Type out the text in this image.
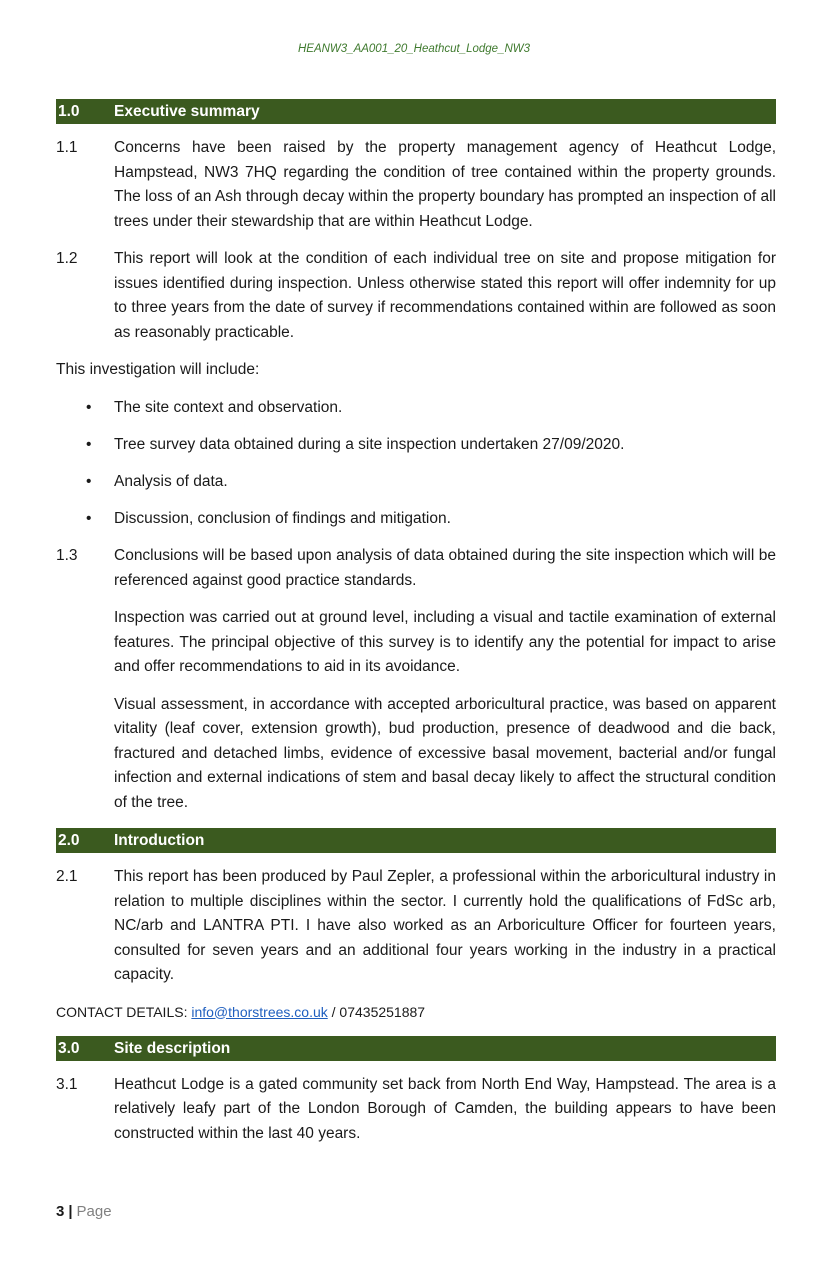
HEANW3_AA001_20_Heathcut_Lodge_NW3
1.0	Executive summary
1.1	Concerns have been raised by the property management agency of Heathcut Lodge, Hampstead, NW3 7HQ regarding the condition of tree contained within the property grounds. The loss of an Ash through decay within the property boundary has prompted an inspection of all trees under their stewardship that are within Heathcut Lodge.
1.2	This report will look at the condition of each individual tree on site and propose mitigation for issues identified during inspection. Unless otherwise stated this report will offer indemnity for up to three years from the date of survey if recommendations contained within are followed as soon as reasonably practicable.
This investigation will include:
•	The site context and observation.
•	Tree survey data obtained during a site inspection undertaken 27/09/2020.
•	Analysis of data.
•	Discussion, conclusion of findings and mitigation.
1.3	Conclusions will be based upon analysis of data obtained during the site inspection which will be referenced against good practice standards.
Inspection was carried out at ground level, including a visual and tactile examination of external features. The principal objective of this survey is to identify any the potential for impact to arise and offer recommendations to aid in its avoidance.
Visual assessment, in accordance with accepted arboricultural practice, was based on apparent vitality (leaf cover, extension growth), bud production, presence of deadwood and die back, fractured and detached limbs, evidence of excessive basal movement, bacterial and/or fungal infection and external indications of stem and basal decay likely to affect the structural condition of the tree.
2.0	Introduction
2.1	This report has been produced by Paul Zepler, a professional within the arboricultural industry in relation to multiple disciplines within the sector. I currently hold the qualifications of FdSc arb, NC/arb and LANTRA PTI. I have also worked as an Arboriculture Officer for fourteen years, consulted for seven years and an additional four years working in the industry in a practical capacity.
CONTACT DETAILS: info@thorstrees.co.uk / 07435251887
3.0	Site description
3.1	Heathcut Lodge is a gated community set back from North End Way, Hampstead. The area is a relatively leafy part of the London Borough of Camden, the building appears to have been constructed within the last 40 years.
3 | Page
